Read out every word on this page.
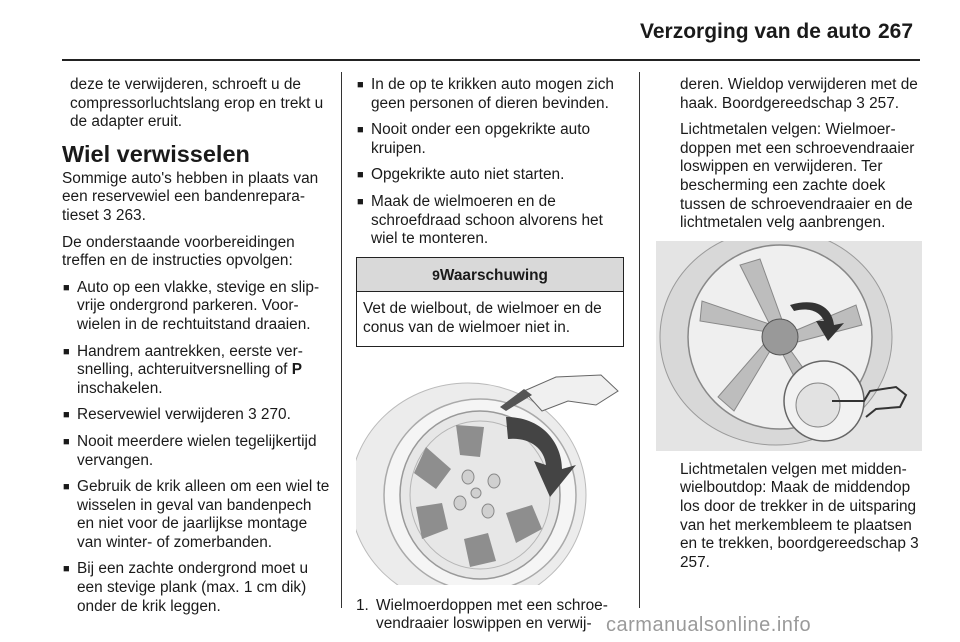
Verzorging van de auto 267

deze te verwijderen, schroeft u de compressorluchtslang erop en trekt u de adapter eruit.

Wiel verwisselen

Sommige auto's hebben in plaats van een reservewiel een bandenreparatieset 3 263.

De onderstaande voorbereidingen treffen en de instructies opvolgen:

■ Auto op een vlakke, stevige en slipvrije ondergrond parkeren. Voorwielen in de rechtuitstand draaien.
■ Handrem aantrekken, eerste versnelling, achteruitversnelling of P inschakelen.
■ Reservewiel verwijderen 3 270.
■ Nooit meerdere wielen tegelijkertijd vervangen.
■ Gebruik de krik alleen om een wiel te wisselen in geval van bandenpech en niet voor de jaarlijkse montage van winter- of zomerbanden.
■ Bij een zachte ondergrond moet u een stevige plank (max. 1 cm dik) onder de krik leggen.
■ In de op te krikken auto mogen zich geen personen of dieren bevinden.
■ Nooit onder een opgekrikte auto kruipen.
■ Opgekrikte auto niet starten.
■ Maak de wielmoeren en de schroefdraad schoon alvorens het wiel te monteren.
9Waarschuwing
Vet de wielbout, de wielmoer en de conus van de wielmoer niet in.
1. Wielmoerdoppen met een schroevendraaier loswippen en verwij-

deren. Wieldop verwijderen met de haak. Boordgereedschap 3 257.

Lichtmetalen velgen: Wielmoerdoppen met een schroevendraaier loswippen en verwijderen. Ter bescherming een zachte doek tussen de schroevendraaier en de lichtmetalen velg aanbrengen.

Lichtmetalen velgen met middenwielboutdop: Maak de middendop los door de trekker in de uitsparing van het merkembleem te plaatsen en te trekken, boordgereedschap 3 257.

carmanualsonline.info
